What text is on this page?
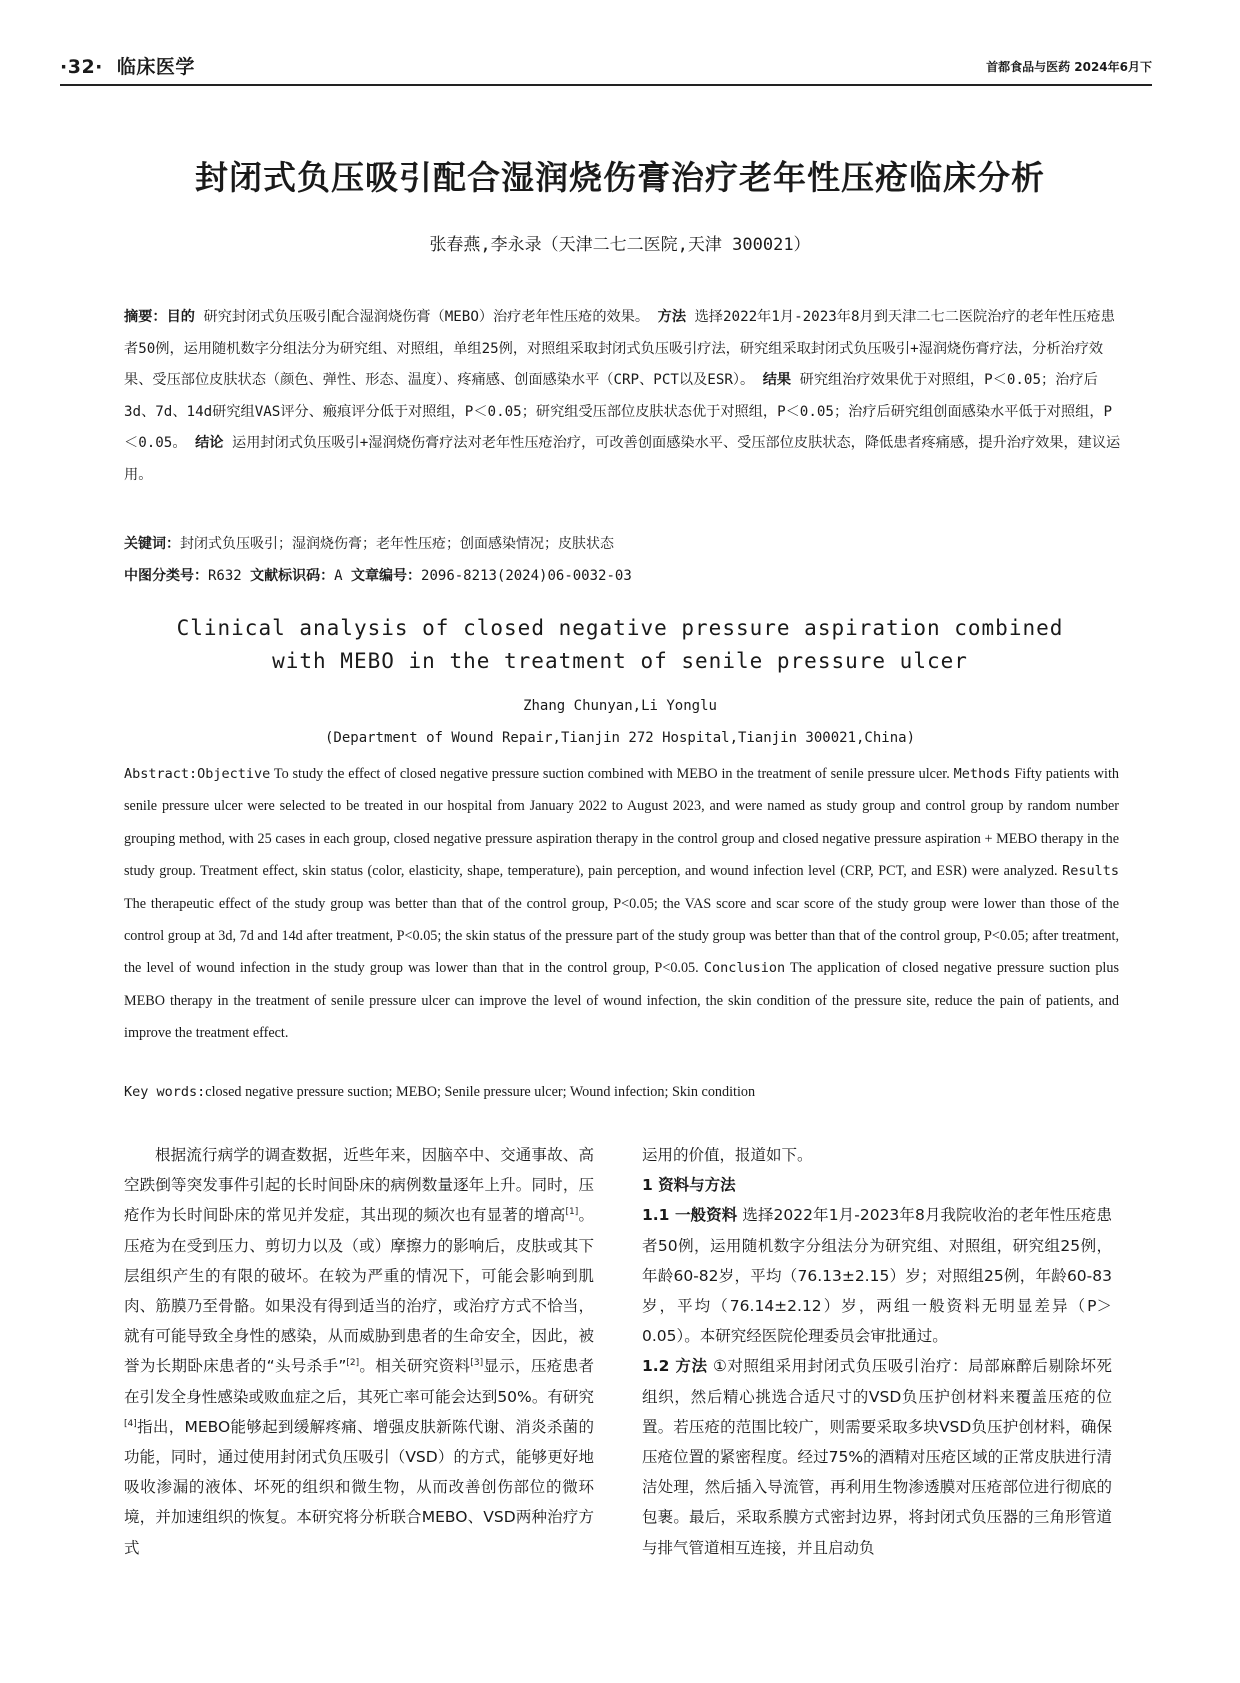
·32· 临床医学	首都食品与医药 2024年6月下
封闭式负压吸引配合湿润烧伤膏治疗老年性压疮临床分析
张春燕,李永录（天津二七二医院,天津 300021）

摘要：目的 研究封闭式负压吸引配合湿润烧伤膏（MEBO）治疗老年性压疮的效果。 方法 选择2022年1月-2023年8月到天津二七二医院治疗的老年性压疮患者50例，运用随机数字分组法分为研究组、对照组，单组25例，对照组采取封闭式负压吸引疗法，研究组采取封闭式负压吸引+湿润烧伤膏疗法，分析治疗效果、受压部位皮肤状态（颜色、弹性、形态、温度）、疼痛感、创面感染水平（CRP、PCT以及ESR）。 结果 研究组治疗效果优于对照组，P＜0.05；治疗后3d、7d、14d研究组VAS评分、瘢痕评分低于对照组，P＜0.05；研究组受压部位皮肤状态优于对照组，P＜0.05；治疗后研究组创面感染水平低于对照组，P＜0.05。 结论 运用封闭式负压吸引+湿润烧伤膏疗法对老年性压疮治疗，可改善创面感染水平、受压部位皮肤状态，降低患者疼痛感，提升治疗效果，建议运用。

关键词：封闭式负压吸引；湿润烧伤膏；老年性压疮；创面感染情况；皮肤状态
中图分类号：R632 文献标识码：A 文章编号：2096-8213(2024)06-0032-03
Clinical analysis of closed negative pressure aspiration combined
with MEBO in the treatment of senile pressure ulcer
Zhang Chunyan,Li Yonglu
(Department of Wound Repair,Tianjin 272 Hospital,Tianjin 300021,China)

Abstract:Objective To study the effect of closed negative pressure suction combined with MEBO in the treatment of senile pressure ulcer. Methods Fifty patients with senile pressure ulcer were selected to be treated in our hospital from January 2022 to August 2023, and were named as study group and control group by random number grouping method, with 25 cases in each group, closed negative pressure aspiration therapy in the control group and closed negative pressure aspiration + MEBO therapy in the study group. Treatment effect, skin status (color, elasticity, shape, temperature), pain perception, and wound infection level (CRP, PCT, and ESR) were analyzed. Results The therapeutic effect of the study group was better than that of the control group, P<0.05; the VAS score and scar score of the study group were lower than those of the control group at 3d, 7d and 14d after treatment, P<0.05; the skin status of the pressure part of the study group was better than that of the control group, P<0.05; after treatment, the level of wound infection in the study group was lower than that in the control group, P<0.05. Conclusion The application of closed negative pressure suction plus MEBO therapy in the treatment of senile pressure ulcer can improve the level of wound infection, the skin condition of the pressure site, reduce the pain of patients, and improve the treatment effect.

Key words:closed negative pressure suction; MEBO; Senile pressure ulcer; Wound infection; Skin condition

根据流行病学的调查数据，近些年来，因脑卒中、交通事故、高空跌倒等突发事件引起的长时间卧床的病例数量逐年上升。同时，压疮作为长时间卧床的常见并发症，其出现的频次也有显著的增高[1]。压疮为在受到压力、剪切力以及（或）摩擦力的影响后，皮肤或其下层组织产生的有限的破坏。在较为严重的情况下，可能会影响到肌肉、筋膜乃至骨骼。如果没有得到适当的治疗，或治疗方式不恰当，就有可能导致全身性的感染，从而威胁到患者的生命安全，因此，被誉为长期卧床患者的“头号杀手”[2]。相关研究资料[3]显示，压疮患者在引发全身性感染或败血症之后，其死亡率可能会达到50%。有研究[4]指出，MEBO能够起到缓解疼痛、增强皮肤新陈代谢、消炎杀菌的功能，同时，通过使用封闭式负压吸引（VSD）的方式，能够更好地吸收渗漏的液体、坏死的组织和微生物，从而改善创伤部位的微环境，并加速组织的恢复。本研究将分析联合MEBO、VSD两种治疗方式

运用的价值，报道如下。

1 资料与方法

1.1 一般资料 选择2022年1月-2023年8月我院收治的老年性压疮患者50例，运用随机数字分组法分为研究组、对照组，研究组25例，年龄60-82岁，平均（76.13±2.15）岁；对照组25例，年龄60-83岁，平均（76.14±2.12）岁，两组一般资料无明显差异（P＞0.05）。本研究经医院伦理委员会审批通过。

1.2 方法 ①对照组采用封闭式负压吸引治疗：局部麻醉后剔除坏死组织，然后精心挑选合适尺寸的VSD负压护创材料来覆盖压疮的位置。若压疮的范围比较广，则需要采取多块VSD负压护创材料，确保压疮位置的紧密程度。经过75%的酒精对压疮区域的正常皮肤进行清洁处理，然后插入导流管，再利用生物渗透膜对压疮部位进行彻底的包裹。最后，采取系膜方式密封边界，将封闭式负压器的三角形管道与排气管道相互连接，并且启动负
